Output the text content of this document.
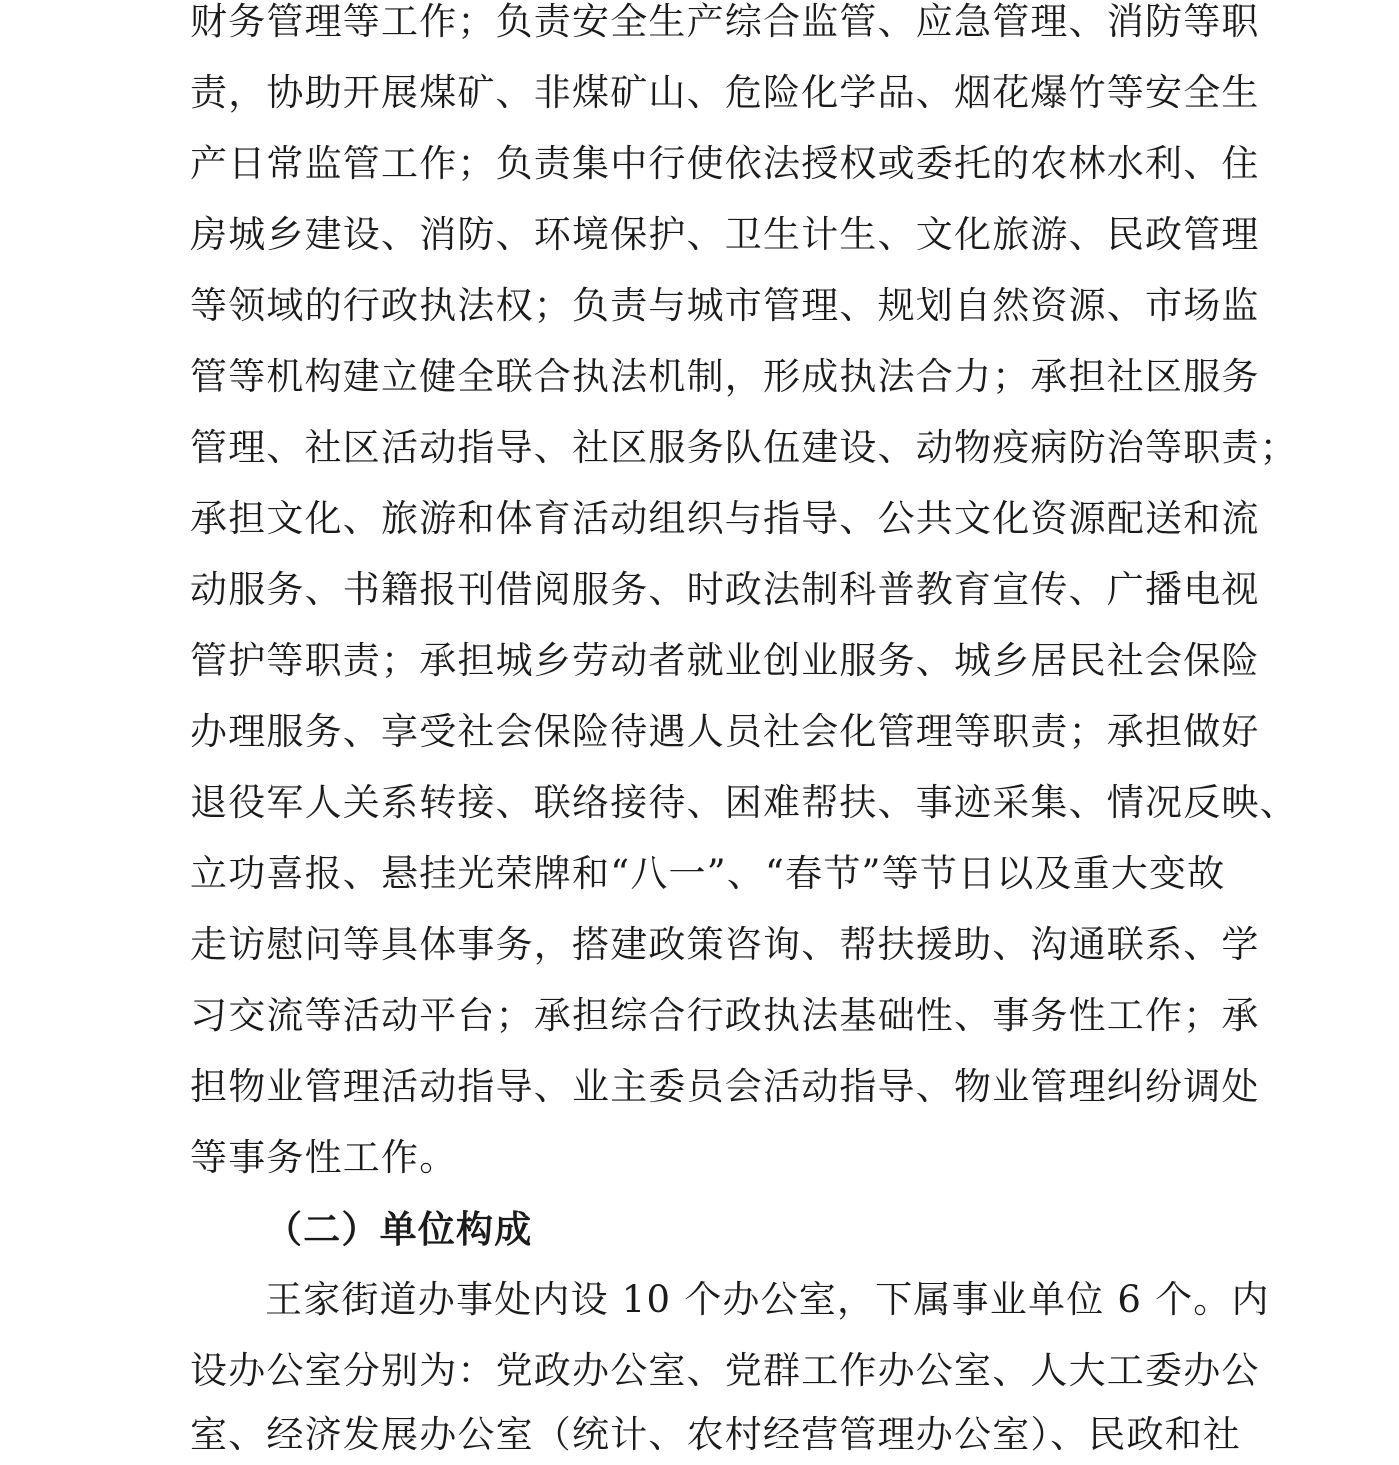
财务管理等工作；负责安全生产综合监管、应急管理、消防等职
责，协助开展煤矿、非煤矿山、危险化学品、烟花爆竹等安全生
产日常监管工作；负责集中行使依法授权或委托的农林水利、住
房城乡建设、消防、环境保护、卫生计生、文化旅游、民政管理
等领域的行政执法权；负责与城市管理、规划自然资源、市场监
管等机构建立健全联合执法机制，形成执法合力；承担社区服务
管理、社区活动指导、社区服务队伍建设、动物疫病防治等职责；
承担文化、旅游和体育活动组织与指导、公共文化资源配送和流
动服务、书籍报刊借阅服务、时政法制科普教育宣传、广播电视
管护等职责；承担城乡劳动者就业创业服务、城乡居民社会保险
办理服务、享受社会保险待遇人员社会化管理等职责；承担做好
退役军人关系转接、联络接待、困难帮扶、事迹采集、情况反映、
立功喜报、悬挂光荣牌和“八一”、“春节”等节日以及重大变故
走访慰问等具体事务，搭建政策咨询、帮扶援助、沟通联系、学
习交流等活动平台；承担综合行政执法基础性、事务性工作；承
担物业管理活动指导、业主委员会活动指导、物业管理纠纷调处
等事务性工作。
（二）单位构成
王家街道办事处内设 10 个办公室，下属事业单位 6 个。内
设办公室分别为：党政办公室、党群工作办公室、人大工委办公
室、经济发展办公室（统计、农村经营管理办公室）、民政和社
